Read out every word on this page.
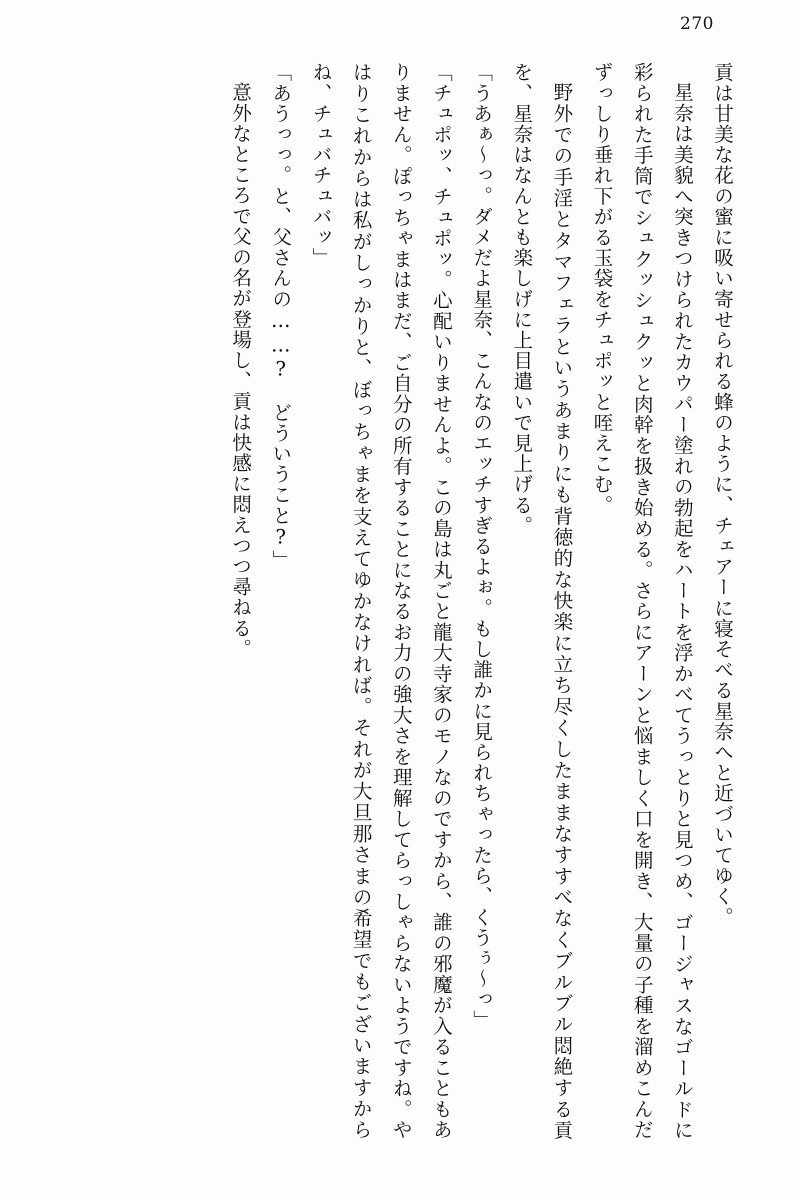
270

貢は甘美な花の蜜に吸い寄せられる蜂のように、チェアーに寝そべる星奈へと近づいてゆく。

星奈は美貌へ突きつけられたカウパー塗れの勃起をハートを浮かべてうっとりと見つめ、ゴージャスなゴールドに彩られた手筒でシュクッシュクッと肉幹を扱き始める。さらにアーンと悩ましく口を開き、大量の子種を溜めこんだずっしり垂れ下がる玉袋をチュポッと咥えこむ。

野外での手淫とタマフェラというあまりにも背徳的な快楽に立ち尽くしたままなすすべなくブルブル悶絶する貢を、星奈はなんとも楽しげに上目遣いで見上げる。

「うあぁ〜っ。ダメだよ星奈、こんなのエッチすぎるよぉ。もし誰かに見られちゃったら、くうぅ〜っ」

「チュポッ、チュポッ。心配いりませんよ。この島は丸ごと龍大寺家のモノなのですから、誰の邪魔が入ることもありません。ぽっちゃまはまだ、ご自分の所有することになるお力の強大さを理解してらっしゃらないようですね。やはりこれからは私がしっかりと、ぼっちゃまを支えてゆかなければ。それが大旦那さまの希望でもございますからね、チュバチュバッ」

「あうっっ。と、父さんの……?　どういうこと?」

意外なところで父の名が登場し、貢は快感に悶えつつ尋ねる。
